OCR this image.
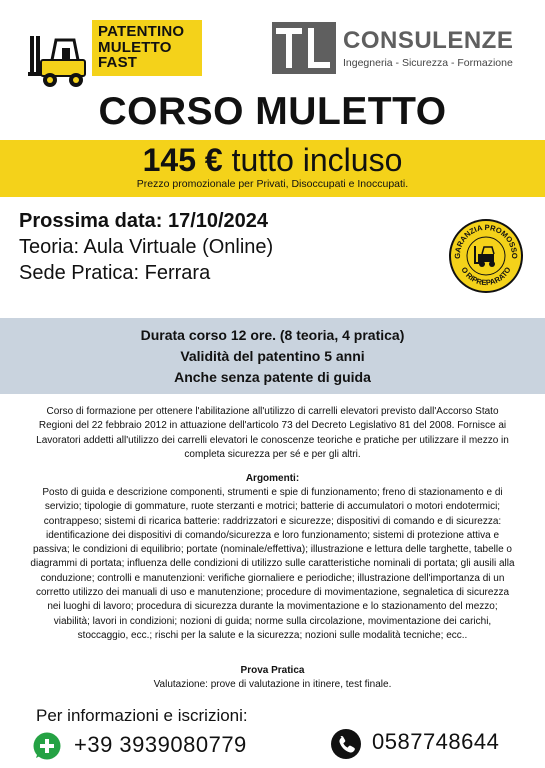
PATENTINO
MULETTO
FAST
CONSULENZE
Ingegneria - Sicurezza - Formazione
CORSO MULETTO
145 € tutto incluso
Prezzo promozionale per Privati, Disoccupati e Inoccupati.
Prossima data: 17/10/2024
Teoria: Aula Virtuale (Online)
Sede Pratica: Ferrara
GARANZIA PROMOSSO
O RIPREPARATO
Durata corso 12 ore. (8 teoria, 4 pratica)
Validità del patentino 5 anni
Anche senza patente di guida
Corso di formazione per ottenere l'abilitazione all'utilizzo di carrelli elevatori previsto dall'Accorso Stato Regioni del 22 febbraio 2012 in attuazione dell'articolo 73 del Decreto Legislativo 81 del 2008. Fornisce ai Lavoratori addetti all'utilizzo dei carrelli elevatori le conoscenze teoriche e pratiche per utilizzare il mezzo in completa sicurezza per sé e per gli altri.
Argomenti:
Posto di guida e descrizione componenti, strumenti e spie di funzionamento; freno di stazionamento e di servizio; tipologie di gommature, ruote sterzanti e motrici; batterie di accumulatori o motori endotermici; contrappeso; sistemi di ricarica batterie: raddrizzatori e sicurezze; dispositivi di comando e di sicurezza: identificazione dei dispositivi di comando/sicurezza e loro funzionamento; sistemi di protezione attiva e passiva; le condizioni di equilibrio; portate (nominale/effettiva); illustrazione e lettura delle targhette, tabelle o diagrammi di portata; influenza delle condizioni di utilizzo sulle caratteristiche nominali di portata; gli ausili alla conduzione; controlli e manutenzioni: verifiche giornaliere e periodiche; illustrazione dell'importanza di un corretto utilizzo dei manuali di uso e manutenzione; procedure di movimentazione, segnaletica di sicurezza nei luoghi di lavoro; procedura di sicurezza durante la movimentazione e lo stazionamento del mezzo; viabilità; lavori in condizioni; nozioni di guida; norme sulla circolazione, movimentazione dei carichi, stoccaggio, ecc.; rischi per la salute e la sicurezza; nozioni sulle modalità tecniche; ecc..
Prova Pratica
Valutazione: prove di valutazione in itinere, test finale.
Per informazioni e iscrizioni:
+39 3939080779	0587748644
